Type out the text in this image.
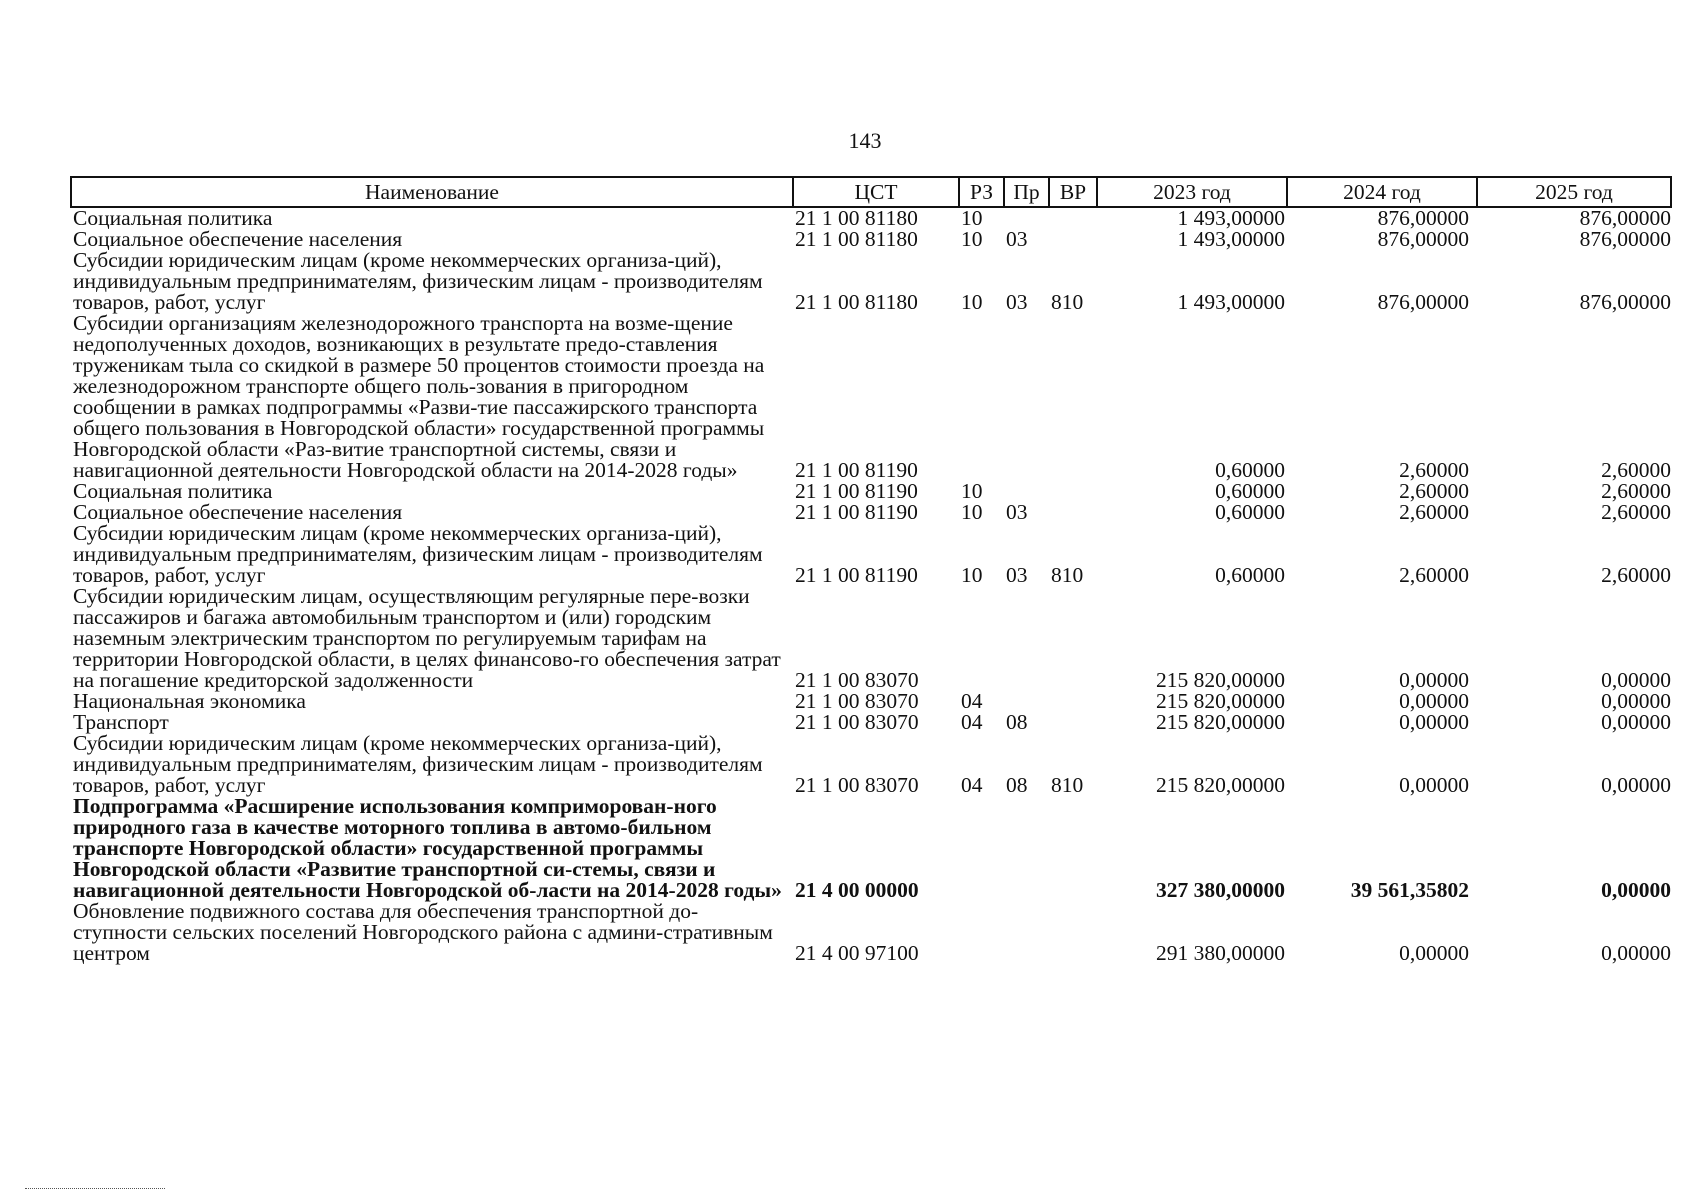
143
Наименование	ЦСТ	РЗ	Пр	ВР	2023 год	2024 год	2025 год
Социальная политика	21 1 00 81180	10			1 493,00000	876,00000	876,00000
Социальное обеспечение населения	21 1 00 81180	10	03		1 493,00000	876,00000	876,00000
Субсидии юридическим лицам (кроме некоммерческих организа-ций), индивидуальным предпринимателям, физическим лицам - производителям товаров, работ, услуг	21 1 00 81180	10	03	810	1 493,00000	876,00000	876,00000
Субсидии организациям железнодорожного транспорта на возме-щение недополученных доходов, возникающих в результате предо-ставления труженикам тыла со скидкой в размере 50 процентов стоимости проезда на железнодорожном транспорте общего поль-зования в пригородном сообщении в рамках подпрограммы «Разви-тие пассажирского транспорта общего пользования в Новгородской области» государственной программы Новгородской области «Раз-витие транспортной системы, связи и навигационной деятельности Новгородской области на 2014-2028 годы»	21 1 00 81190				0,60000	2,60000	2,60000
Социальная политика	21 1 00 81190	10			0,60000	2,60000	2,60000
Социальное обеспечение населения	21 1 00 81190	10	03		0,60000	2,60000	2,60000
Субсидии юридическим лицам (кроме некоммерческих организа-ций), индивидуальным предпринимателям, физическим лицам - производителям товаров, работ, услуг	21 1 00 81190	10	03	810	0,60000	2,60000	2,60000
Субсидии юридическим лицам, осуществляющим регулярные пере-возки пассажиров и багажа автомобильным транспортом и (или) городским наземным электрическим транспортом по регулируемым тарифам на территории Новгородской области, в целях финансово-го обеспечения затрат на погашение кредиторской задолженности	21 1 00 83070				215 820,00000	0,00000	0,00000
Национальная экономика	21 1 00 83070	04			215 820,00000	0,00000	0,00000
Транспорт	21 1 00 83070	04	08		215 820,00000	0,00000	0,00000
Субсидии юридическим лицам (кроме некоммерческих организа-ций), индивидуальным предпринимателям, физическим лицам - производителям товаров, работ, услуг	21 1 00 83070	04	08	810	215 820,00000	0,00000	0,00000
Подпрограмма «Расширение использования комприморован-ного природного газа в качестве моторного топлива в автомо-бильном транспорте Новгородской области» государственной программы Новгородской области «Развитие транспортной си-стемы, связи и навигационной деятельности Новгородской об-ласти на 2014-2028 годы»	21 4 00 00000				327 380,00000	39 561,35802	0,00000
Обновление подвижного состава для обеспечения транспортной до-ступности сельских поселений Новгородского района с админи-стративным центром	21 4 00 97100				291 380,00000	0,00000	0,00000
